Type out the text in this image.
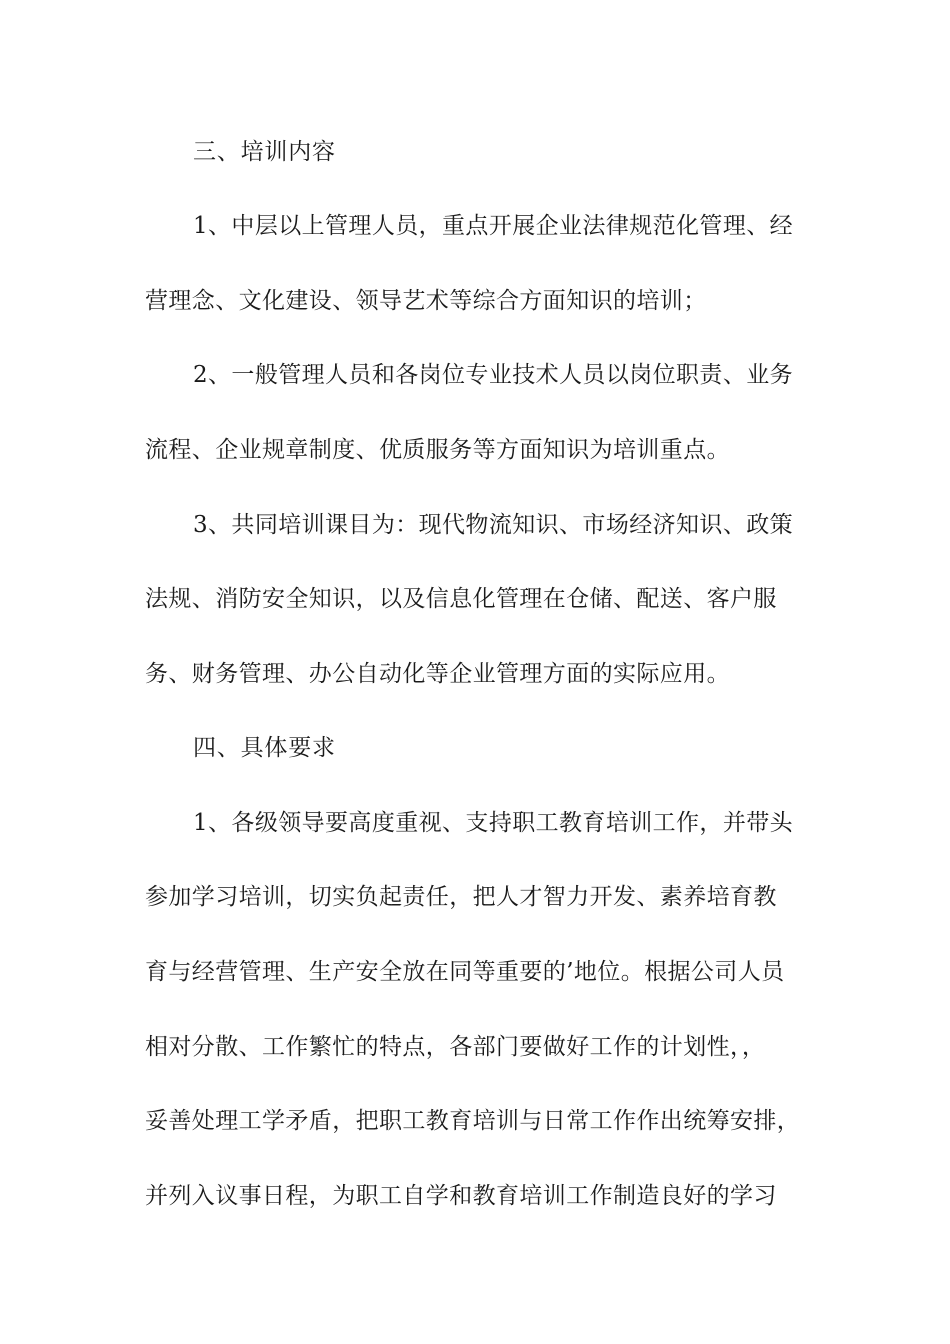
三、培训内容
1、中层以上管理人员，重点开展企业法律规范化管理、经
营理念、文化建设、领导艺术等综合方面知识的培训；
2、一般管理人员和各岗位专业技术人员以岗位职责、业务
流程、企业规章制度、优质服务等方面知识为培训重点。
3、共同培训课目为：现代物流知识、市场经济知识、政策
法规、消防安全知识，以及信息化管理在仓储、配送、客户服
务、财务管理、办公自动化等企业管理方面的实际应用。
四、具体要求
1、各级领导要高度重视、支持职工教育培训工作，并带头
参加学习培训，切实负起责任，把人才智力开发、素养培育教
育与经营管理、生产安全放在同等重要的’地位。根据公司人员
相对分散、工作繁忙的特点，各部门要做好工作的计划性，，
妥善处理工学矛盾，把职工教育培训与日常工作作出统筹安排，
并列入议事日程，为职工自学和教育培训工作制造良好的学习
